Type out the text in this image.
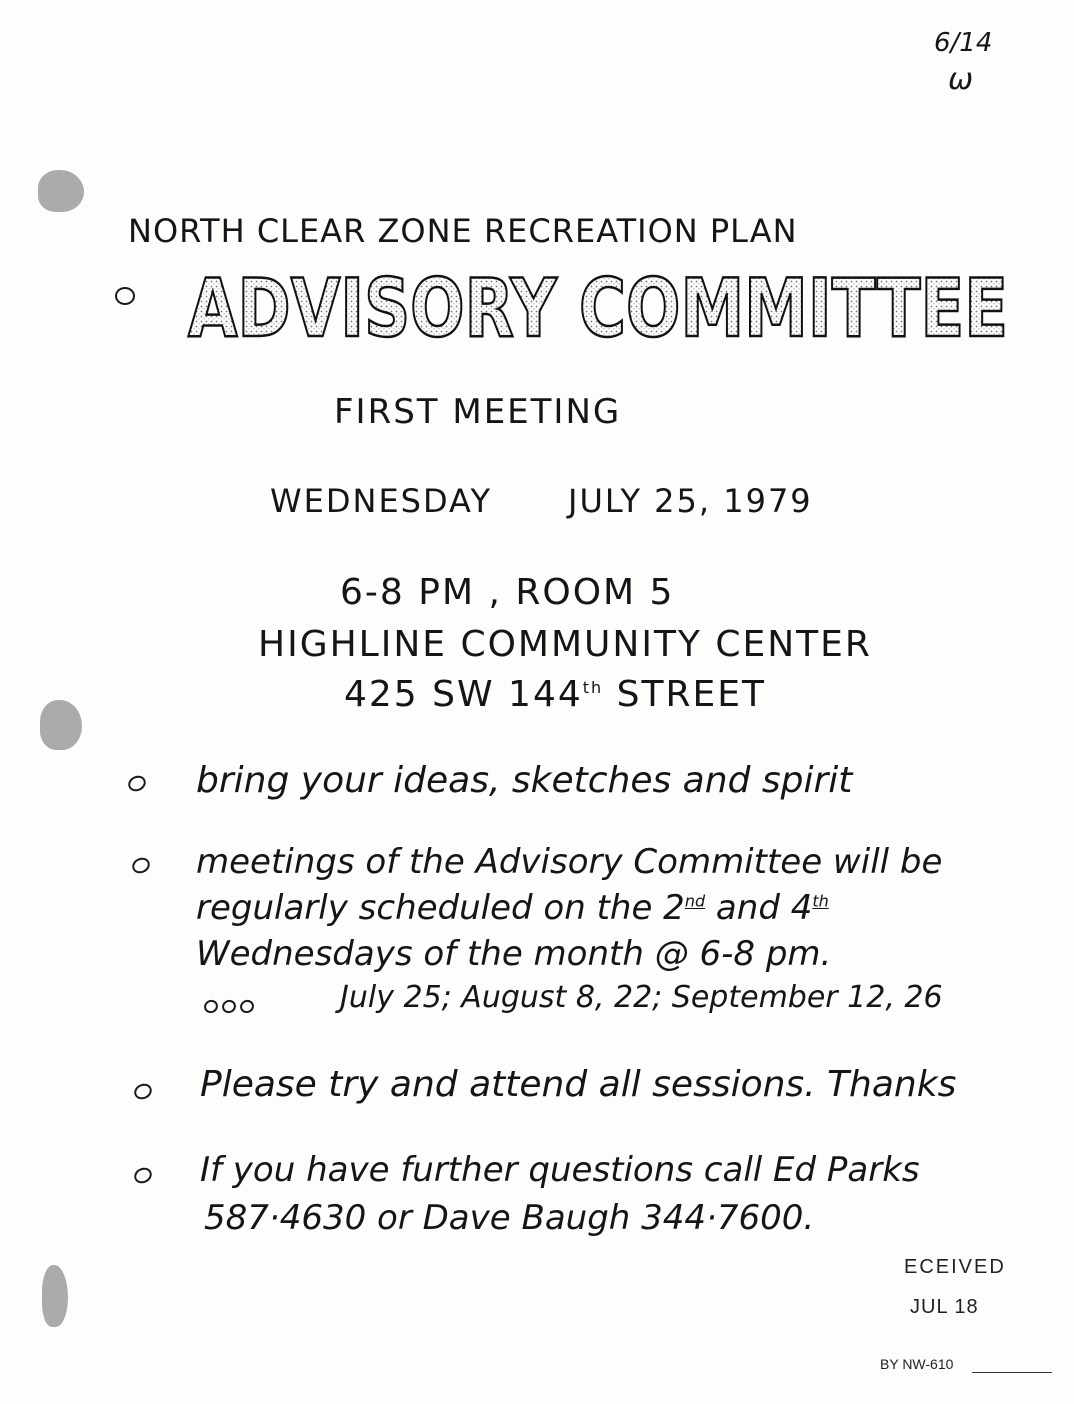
6/14
ω
NORTH CLEAR ZONE RECREATION PLAN
ADVISORY COMMITTEE
FIRST MEETING
WEDNESDAY JULY 25, 1979
6-8 PM , ROOM 5
HIGHLINE COMMUNITY CENTER
425 SW 144th STREET
bring your ideas, sketches and spirit
meetings of the Advisory Committee will be
regularly scheduled on the 2nd and 4th
Wednesdays of the month @ 6-8 pm.
July 25; August 8, 22; September 12, 26
Please try and attend all sessions. Thanks
If you have further questions call Ed Parks
587·4630 or Dave Baugh 344·7600.
ECEIVED
JUL 18
BY NW-610
